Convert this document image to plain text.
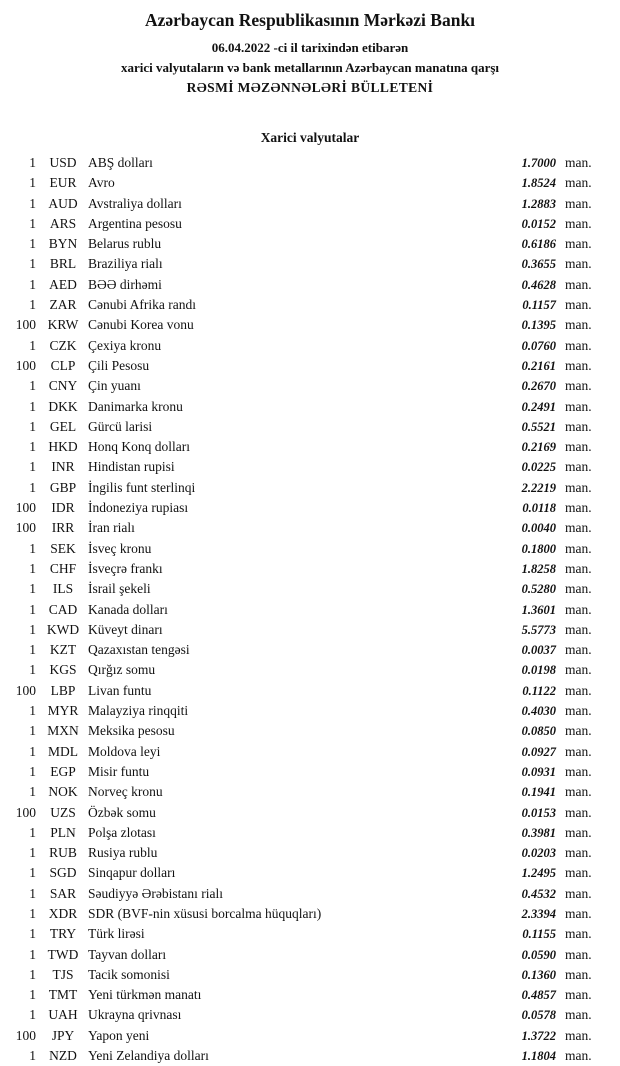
Azərbaycan Respublikasının Mərkəzi Bankı
06.04.2022 -ci il tarixindən etibarən
xarici valyutaların və bank metallarının Azərbaycan manatına qarşı
RƏSMİ MƏZƏNNƏLƏRİ BÜLLETENİ
Xarici valyutalar
1 USD ABŞ dolları	1.7000 man.
1	EUR Avro	1.8524 man.
1 AUD Avstraliya dolları	1.2883 man.
1	ARS Argentina pesosu	0.0152 man.
1 BYN Belarus rublu	0.6186 man.
1	BRL Braziliya rialı	0.3655 man.
1 AED BƏƏ dirhəmi	0.4628 man.
1	ZAR Cənubi Afrika randı	0.1157 man.
100 KRW Cənubi Korea vonu	0.1395 man.
1	CZK Çexiya kronu	0.0760 man.
100	CLP Çili Pesosu	0.2161 man.
1 CNY Çin yuanı	0.2670 man.
1 DKK Danimarka kronu	0.2491 man.
1	GEL Gürcü larisi	0.5521 man.
1 HKD Honq Konq dolları	0.2169 man.
1	INR Hindistan rupisi	0.0225 man.
1	GBP İngilis funt sterlinqi	2.2219 man.
100	IDR İndoneziya rupiası	0.0118 man.
100	IRR	İran rialı	0.0040 man.
1	SEK İsveç kronu	0.1800 man.
1	CHF İsveçrə frankı	1.8258 man.
1	ILS	İsrail şekeli	0.5280 man.
1 CAD Kanada dolları	1.3601 man.
1 KWD Küveyt dinarı	5.5773 man.
1	KZT Qazaxıstan tengəsi	0.0037 man.
1 KGS Qırğız somu	0.0198 man.
100	LBP Livan funtu	0.1122 man.
1 MYR Malayziya rinqqiti	0.4030 man.
1 MXN Meksika pesosu	0.0850 man.
1 MDL Moldova leyi	0.0927 man.
1	EGP Misir funtu	0.0931 man.
1 NOK Norveç kronu	0.1941 man.
100	UZS Özbək somu	0.0153 man.
1	PLN Polşa zlotası	0.3981 man.
1 RUB Rusiya rublu	0.0203 man.
1 SGD Sinqapur dolları	1.2495 man.
1	SAR Səudiyyə Ərəbistanı rialı	0.4532 man.
1 XDR SDR (BVF-nin xüsusi borcalma hüquqları)	2.3394 man.
1	TRY Türk lirəsi	0.1155 man.
1 TWD Tayvan dolları	0.0590 man.
1	TJS	Tacik somonisi	0.1360 man.
1 TMT Yeni türkmən manatı	0.4857 man.
1 UAH Ukrayna qrivnası	0.0578 man.
100	JPY	Yapon yeni	1.3722 man.
1 NZD Yeni Zelandiya dolları	1.1804 man.
